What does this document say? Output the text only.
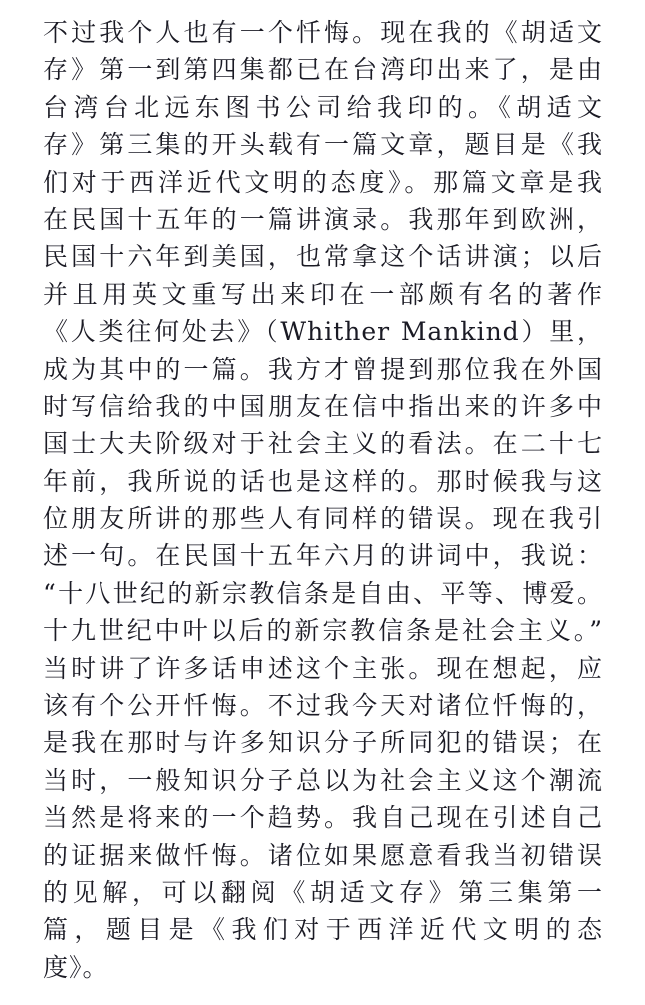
不过我个人也有一个忏悔。现在我的《胡适文
存》第一到第四集都已在台湾印出来了，是由
台湾台北远东图书公司给我印的。《胡适文
存》第三集的开头载有一篇文章，题目是《我
们对于西洋近代文明的态度》。那篇文章是我
在民国十五年的一篇讲演录。我那年到欧洲，
民国十六年到美国，也常拿这个话讲演；以后
并且用英文重写出来印在一部颇有名的著作
《人类往何处去》（Whither Mankind）里，
成为其中的一篇。我方才曾提到那位我在外国
时写信给我的中国朋友在信中指出来的许多中
国士大夫阶级对于社会主义的看法。在二十七
年前，我所说的话也是这样的。那时候我与这
位朋友所讲的那些人有同样的错误。现在我引
述一句。在民国十五年六月的讲词中，我说：
“十八世纪的新宗教信条是自由、平等、博爱。
十九世纪中叶以后的新宗教信条是社会主义。”
当时讲了许多话申述这个主张。现在想起，应
该有个公开忏悔。不过我今天对诸位忏悔的，
是我在那时与许多知识分子所同犯的错误；在
当时，一般知识分子总以为社会主义这个潮流
当然是将来的一个趋势。我自己现在引述自己
的证据来做忏悔。诸位如果愿意看我当初错误
的见解，可以翻阅《胡适文存》第三集第一
篇，题目是《我们对于西洋近代文明的态
度》。
